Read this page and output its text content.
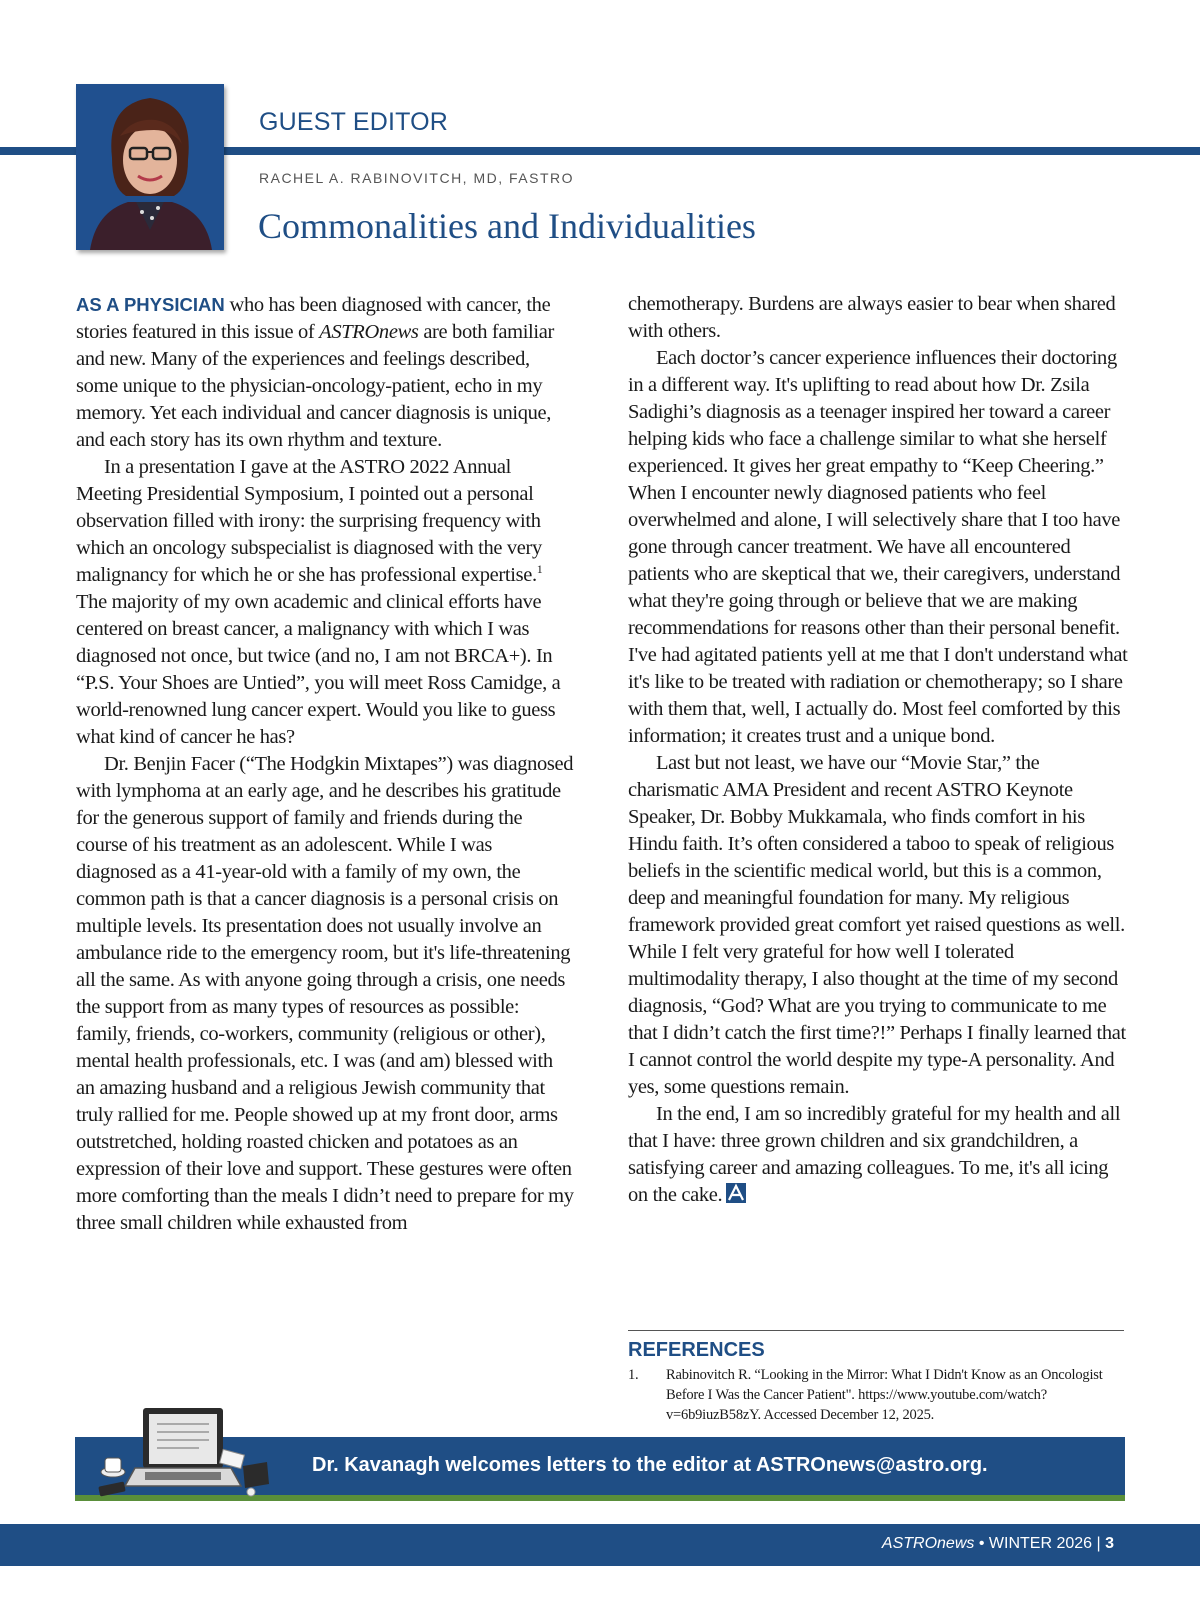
GUEST EDITOR
RACHEL A. RABINOVITCH, MD, FASTRO
Commonalities and Individualities

AS A PHYSICIAN who has been diagnosed with cancer, the stories featured in this issue of ASTROnews are both familiar and new. Many of the experiences and feelings described, some unique to the physician-oncology-patient, echo in my memory. Yet each individual and cancer diagnosis is unique, and each story has its own rhythm and texture.

In a presentation I gave at the ASTRO 2022 Annual Meeting Presidential Symposium, I pointed out a personal observation filled with irony: the surprising frequency with which an oncology subspecialist is diagnosed with the very malignancy for which he or she has professional expertise.$^1$ The majority of my own academic and clinical efforts have centered on breast cancer, a malignancy with which I was diagnosed not once, but twice (and no, I am not BRCA+). In “P.S. Your Shoes are Untied”, you will meet Ross Camidge, a world-renowned lung cancer expert. Would you like to guess what kind of cancer he has?

Dr. Benjin Facer (“The Hodgkin Mixtapes”) was diagnosed with lymphoma at an early age, and he describes his gratitude for the generous support of family and friends during the course of his treatment as an adolescent. While I was diagnosed as a 41-year-old with a family of my own, the common path is that a cancer diagnosis is a personal crisis on multiple levels. Its presentation does not usually involve an ambulance ride to the emergency room, but it's life-threatening all the same. As with anyone going through a crisis, one needs the support from as many types of resources as possible: family, friends, co-workers, community (religious or other), mental health professionals, etc. I was (and am) blessed with an amazing husband and a religious Jewish community that truly rallied for me. People showed up at my front door, arms outstretched, holding roasted chicken and potatoes as an expression of their love and support. These gestures were often more comforting than the meals I didn’t need to prepare for my three small children while exhausted from

chemotherapy. Burdens are always easier to bear when shared with others.

Each doctor’s cancer experience influences their doctoring in a different way. It's uplifting to read about how Dr. Zsila Sadighi’s diagnosis as a teenager inspired her toward a career helping kids who face a challenge similar to what she herself experienced. It gives her great empathy to “Keep Cheering.” When I encounter newly diagnosed patients who feel overwhelmed and alone, I will selectively share that I too have gone through cancer treatment. We have all encountered patients who are skeptical that we, their caregivers, understand what they're going through or believe that we are making recommendations for reasons other than their personal benefit. I've had agitated patients yell at me that I don't understand what it's like to be treated with radiation or chemotherapy; so I share with them that, well, I actually do. Most feel comforted by this information; it creates trust and a unique bond.

Last but not least, we have our “Movie Star,” the charismatic AMA President and recent ASTRO Keynote Speaker, Dr. Bobby Mukkamala, who finds comfort in his Hindu faith. It’s often considered a taboo to speak of religious beliefs in the scientific medical world, but this is a common, deep and meaningful foundation for many. My religious framework provided great comfort yet raised questions as well. While I felt very grateful for how well I tolerated multimodality therapy, I also thought at the time of my second diagnosis, “God? What are you trying to communicate to me that I didn’t catch the first time?!” Perhaps I finally learned that I cannot control the world despite my type-A personality. And yes, some questions remain.

In the end, I am so incredibly grateful for my health and all that I have: three grown children and six grandchildren, a satisfying career and amazing colleagues. To me, it's all icing on the cake.

REFERENCES
1. Rabinovitch R. “Looking in the Mirror: What I Didn't Know as an Oncologist Before I Was the Cancer Patient". https://www.youtube.com/watch?v=6b9iuzB58zY. Accessed December 12, 2025.

Dr. Kavanagh welcomes letters to the editor at ASTROnews@astro.org.

ASTROnews • WINTER 2026 | 3
